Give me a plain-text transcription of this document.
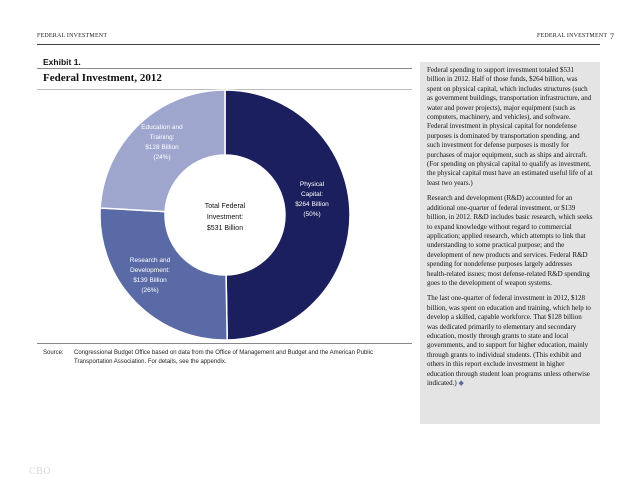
FEDERAL INVESTMENT	FEDERAL INVESTMENT 7
Exhibit 1.
Federal Investment, 2012
Physical Capital: $264 Billion (50%)
Research and Development: $139 Billion (26%)
Education and Training: $128 Billion (24%)
Total Federal Investment: $531 Billion
Source: Congressional Budget Office based on data from the Office of Management and Budget and the American Public Transportation Association. For details, see the appendix.

Federal spending to support investment totaled $531 billion in 2012. Half of those funds, $264 billion, was spent on physical capital, which includes structures (such as government buildings, transportation infrastructure, and water and power projects), major equipment (such as computers, machinery, and vehicles), and software. Federal investment in physical capital for nondefense purposes is dominated by transportation spending, and such investment for defense purposes is mostly for purchases of major equipment, such as ships and aircraft. (For spending on physical capital to qualify as investment, the physical capital must have an estimated useful life of at least two years.)

Research and development (R&D) accounted for an additional one-quarter of federal investment, or $139 billion, in 2012. R&D includes basic research, which seeks to expand knowledge without regard to commercial application; applied research, which attempts to link that understanding to some practical purpose; and the development of new products and services. Federal R&D spending for nondefense purposes largely addresses health-related issues; most defense-related R&D spending goes to the development of weapon systems.

The last one-quarter of federal investment in 2012, $128 billion, was spent on education and training, which help to develop a skilled, capable workforce. That $128 billion was dedicated primarily to elementary and secondary education, mostly through grants to state and local governments, and to support for higher education, mainly through grants to individual students. (This exhibit and others in this report exclude investment in higher education through student loan programs unless otherwise indicated.) ◆

CBO
